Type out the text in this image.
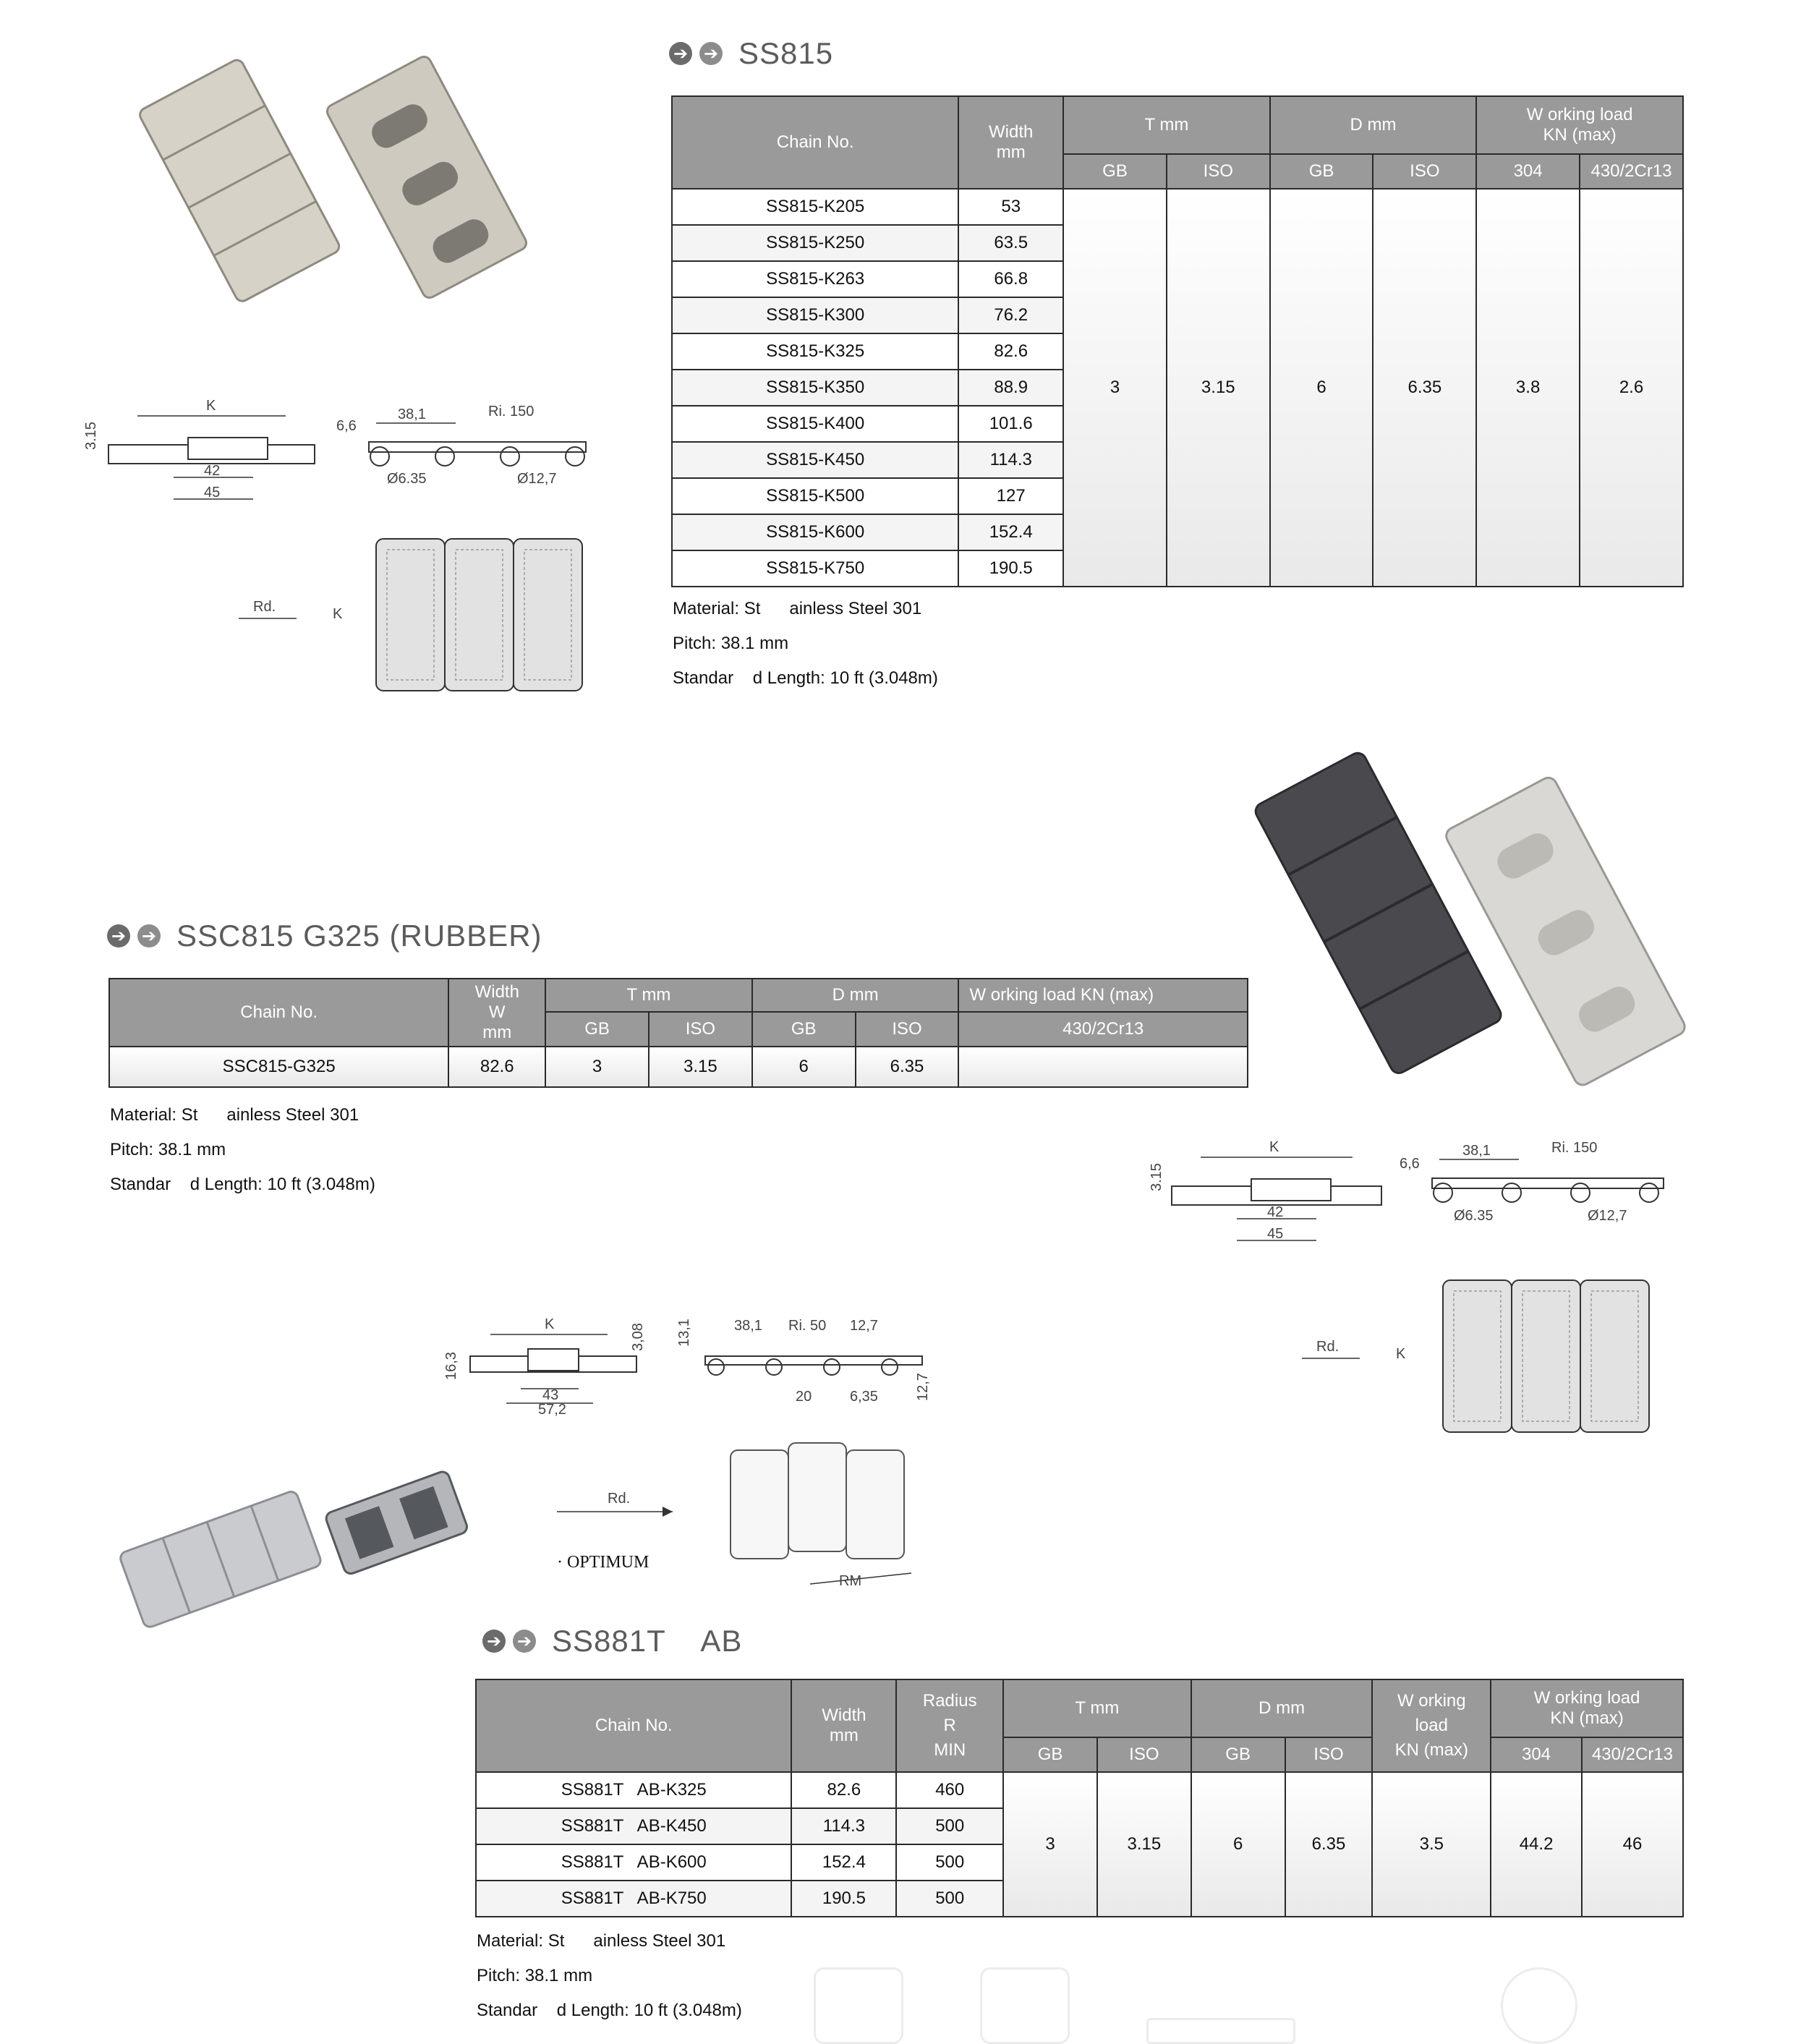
K
3.15
42
45
6,6
38,1	Ri. 150
Ø6.35	Ø12,7
Rd.	K
➔ ➔ SS815
Chain No.	Width
mm	T mm		D mm		W orking load
KN (max)	
		GB	ISO	GB	ISO	304	430/2Cr13
SS815-K205	53	3	3.15	6	6.35	3.8	2.6
SS815-K250	63.5						
SS815-K263	66.8						
SS815-K300	76.2						
SS815-K325	82.6						
SS815-K350	88.9						
SS815-K400	101.6						
SS815-K450	114.3						
SS815-K500	127						
SS815-K600	152.4						
SS815-K750	190.5						
Material: St      ainless Steel 301
Pitch: 38.1 mm
Standar    d Length: 10 ft (3.048m)
➔ ➔ SSC815 G325 (RUBBER)
Chain No.	Width
W
mm	T mm		D mm		W orking load KN (max)
		GB	ISO	GB	ISO	430/2Cr13
SSC815-G325	82.6	3	3.15	6	6.35	
Material: St      ainless Steel 301
Pitch: 38.1 mm
Standar    d Length: 10 ft (3.048m)
K
3.15
42
45
6,6
38,1	Ri. 150
Ø6.35	Ø12,7
Rd.	K
K
16,3
3,08
43
57,2
13,1	38,1 Ri. 50 12,7
20	6,35	12,7
Rd.
· OPTIMUM
RM
➔ ➔ SS881T    AB
Chain No.	Width
mm	Radius
R
MIN	T mm		D mm		W orking
load
KN (max)	W orking load
KN (max)	
			GB	ISO	GB	ISO		304	430/2Cr13
SS881T   AB-K325	82.6	460	3	3.15	6	6.35	3.5	44.2	46
SS881T   AB-K450	114.3	500							
SS881T   AB-K600	152.4	500							
SS881T   AB-K750	190.5	500							
Material: St      ainless Steel 301
Pitch: 38.1 mm
Standar    d Length: 10 ft (3.048m)
